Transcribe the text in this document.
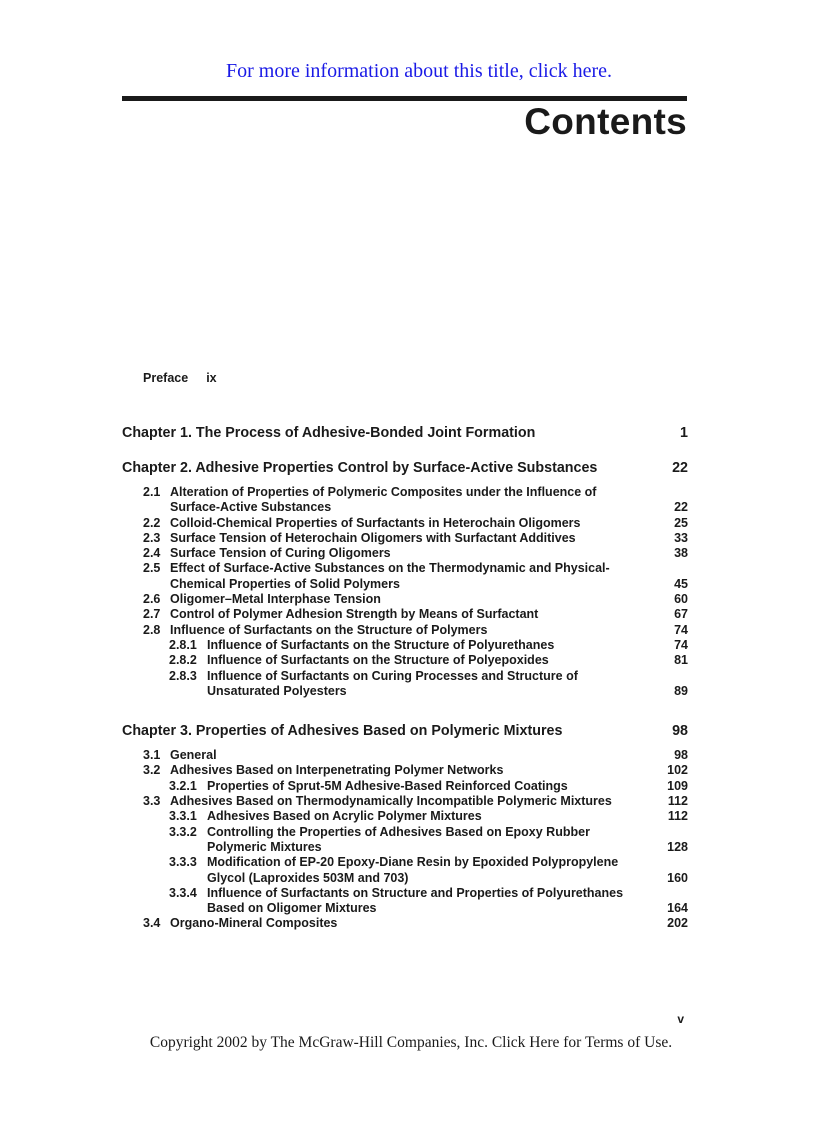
For more information about this title, click here.
Contents
Preface ix
Chapter 1. The Process of Adhesive-Bonded Joint Formation	1
Chapter 2. Adhesive Properties Control by Surface-Active Substances	22
2.1 Alteration of Properties of Polymeric Composites under the Influence of Surface-Active Substances	22
2.2 Colloid-Chemical Properties of Surfactants in Heterochain Oligomers	25
2.3 Surface Tension of Heterochain Oligomers with Surfactant Additives	33
2.4 Surface Tension of Curing Oligomers	38
2.5 Effect of Surface-Active Substances on the Thermodynamic and Physical-Chemical Properties of Solid Polymers	45
2.6 Oligomer–Metal Interphase Tension	60
2.7 Control of Polymer Adhesion Strength by Means of Surfactant	67
2.8 Influence of Surfactants on the Structure of Polymers	74
2.8.1 Influence of Surfactants on the Structure of Polyurethanes	74
2.8.2 Influence of Surfactants on the Structure of Polyepoxides	81
2.8.3 Influence of Surfactants on Curing Processes and Structure of Unsaturated Polyesters	89
Chapter 3. Properties of Adhesives Based on Polymeric Mixtures	98
3.1 General	98
3.2 Adhesives Based on Interpenetrating Polymer Networks	102
3.2.1 Properties of Sprut-5M Adhesive-Based Reinforced Coatings	109
3.3 Adhesives Based on Thermodynamically Incompatible Polymeric Mixtures	112
3.3.1 Adhesives Based on Acrylic Polymer Mixtures	112
3.3.2 Controlling the Properties of Adhesives Based on Epoxy Rubber Polymeric Mixtures	128
3.3.3 Modification of EP-20 Epoxy-Diane Resin by Epoxided Polypropylene Glycol (Laproxides 503M and 703)	160
3.3.4 Influence of Surfactants on Structure and Properties of Polyurethanes Based on Oligomer Mixtures	164
3.4 Organo-Mineral Composites	202
v
Copyright 2002 by The McGraw-Hill Companies, Inc. Click Here for Terms of Use.
